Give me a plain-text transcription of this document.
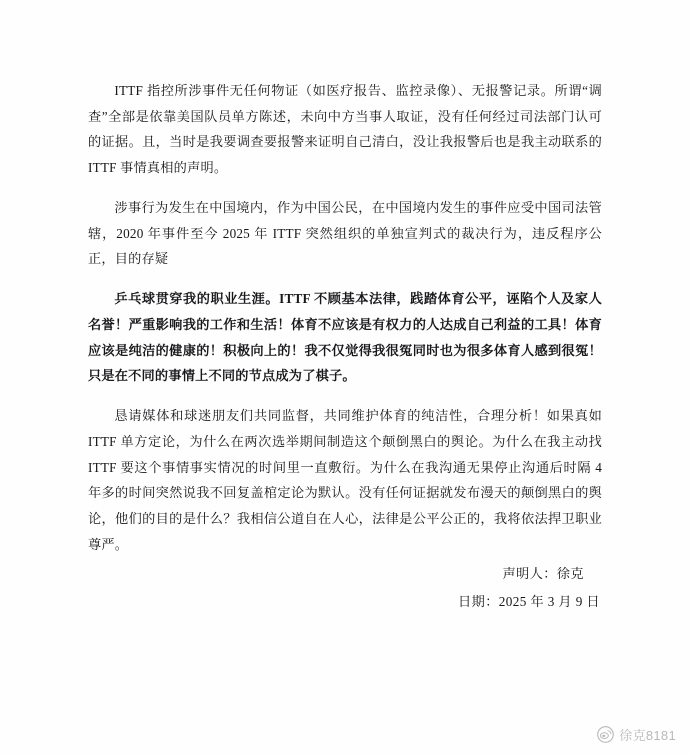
ITTF 指控所涉事件无任何物证（如医疗报告、监控录像）、无报警记录。所谓“调查”全部是依靠美国队员单方陈述，未向中方当事人取证，没有任何经过司法部门认可的证据。且，当时是我要调查要报警来证明自己清白，没让我报警后也是我主动联系的 ITTF 事情真相的声明。

涉事行为发生在中国境内，作为中国公民，在中国境内发生的事件应受中国司法管辖，2020 年事件至今 2025 年 ITTF 突然组织的单独宣判式的裁决行为，违反程序公正，目的存疑

乒乓球贯穿我的职业生涯。ITTF 不顾基本法律，践踏体育公平，诬陷个人及家人名誉！严重影响我的工作和生活！体育不应该是有权力的人达成自己利益的工具！体育应该是纯洁的健康的！积极向上的！我不仅觉得我很冤同时也为很多体育人感到很冤！只是在不同的事情上不同的节点成为了棋子。

恳请媒体和球迷朋友们共同监督，共同维护体育的纯洁性，合理分析！如果真如 ITTF 单方定论，为什么在两次选举期间制造这个颠倒黑白的舆论。为什么在我主动找 ITTF 要这个事情事实情况的时间里一直敷衍。为什么在我沟通无果停止沟通后时隔 4 年多的时间突然说我不回复盖棺定论为默认。没有任何证据就发布漫天的颠倒黑白的舆论，他们的目的是什么？我相信公道自在人心，法律是公平公正的，我将依法捍卫职业尊严。

声明人：徐克
日期：2025 年 3 月 9 日
徐克8181
